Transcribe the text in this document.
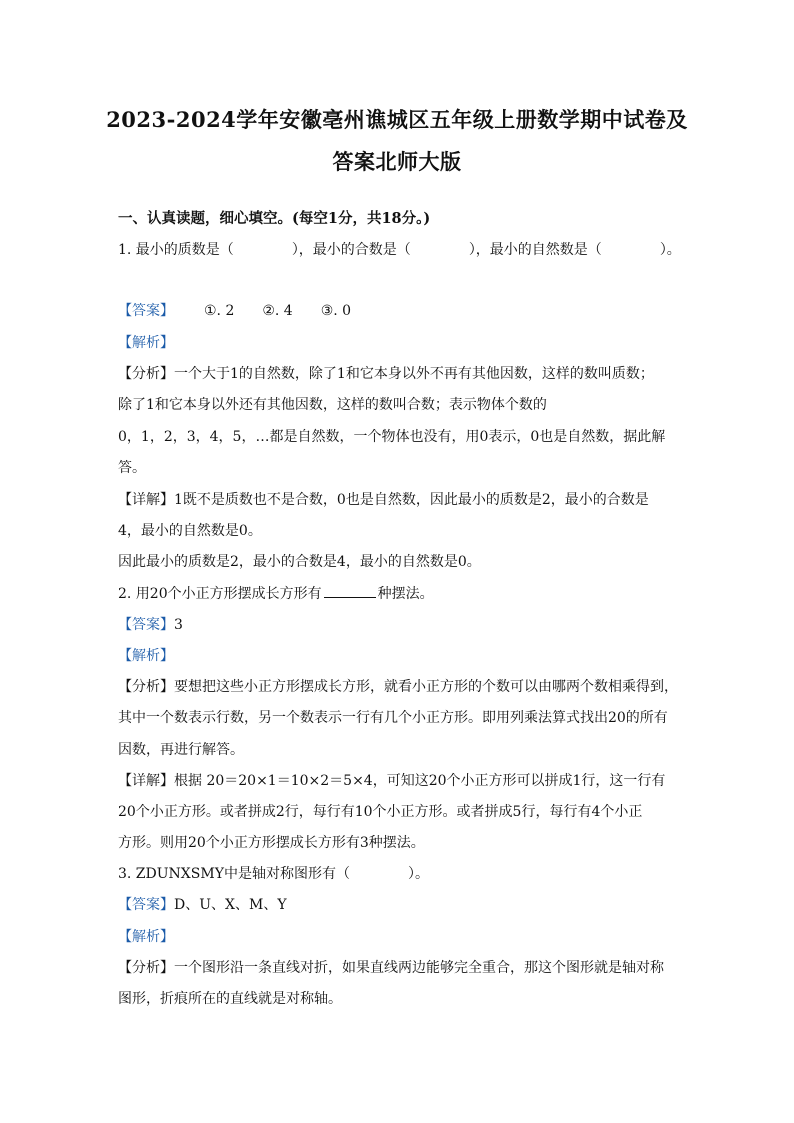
2023-2024学年安徽亳州谯城区五年级上册数学期中试卷及
答案北师大版
一、认真读题，细心填空。(每空1分，共18分。)
1. 最小的质数是（	），最小的合数是（	），最小的自然数是（	）。
【答案】 ①. 2 ②. 4 ③. 0
【解析】
【分析】一个大于1的自然数，除了1和它本身以外不再有其他因数，这样的数叫质数；
除了1和它本身以外还有其他因数，这样的数叫合数；表示物体个数的
0，1，2，3，4，5，…都是自然数，一个物体也没有，用0表示，0也是自然数，据此解
答。
【详解】1既不是质数也不是合数，0也是自然数，因此最小的质数是2，最小的合数是
4，最小的自然数是0。
因此最小的质数是2，最小的合数是4，最小的自然数是0。
2. 用20个小正方形摆成长方形有	种摆法。
【答案】3
【解析】
【分析】要想把这些小正方形摆成长方形，就看小正方形的个数可以由哪两个数相乘得到，
其中一个数表示行数，另一个数表示一行有几个小正方形。即用列乘法算式找出20的所有
因数，再进行解答。
【详解】根据 20＝20×1＝10×2＝5×4，可知这20个小正方形可以拼成1行，这一行有
20个小正方形。或者拼成2行，每行有10个小正方形。或者拼成5行，每行有4个小正
方形。则用20个小正方形摆成长方形有3种摆法。
3. ZDUNXSMY中是轴对称图形有（	）。
【答案】D、U、X、M、Y
【解析】
【分析】一个图形沿一条直线对折，如果直线两边能够完全重合，那这个图形就是轴对称
图形，折痕所在的直线就是对称轴。
